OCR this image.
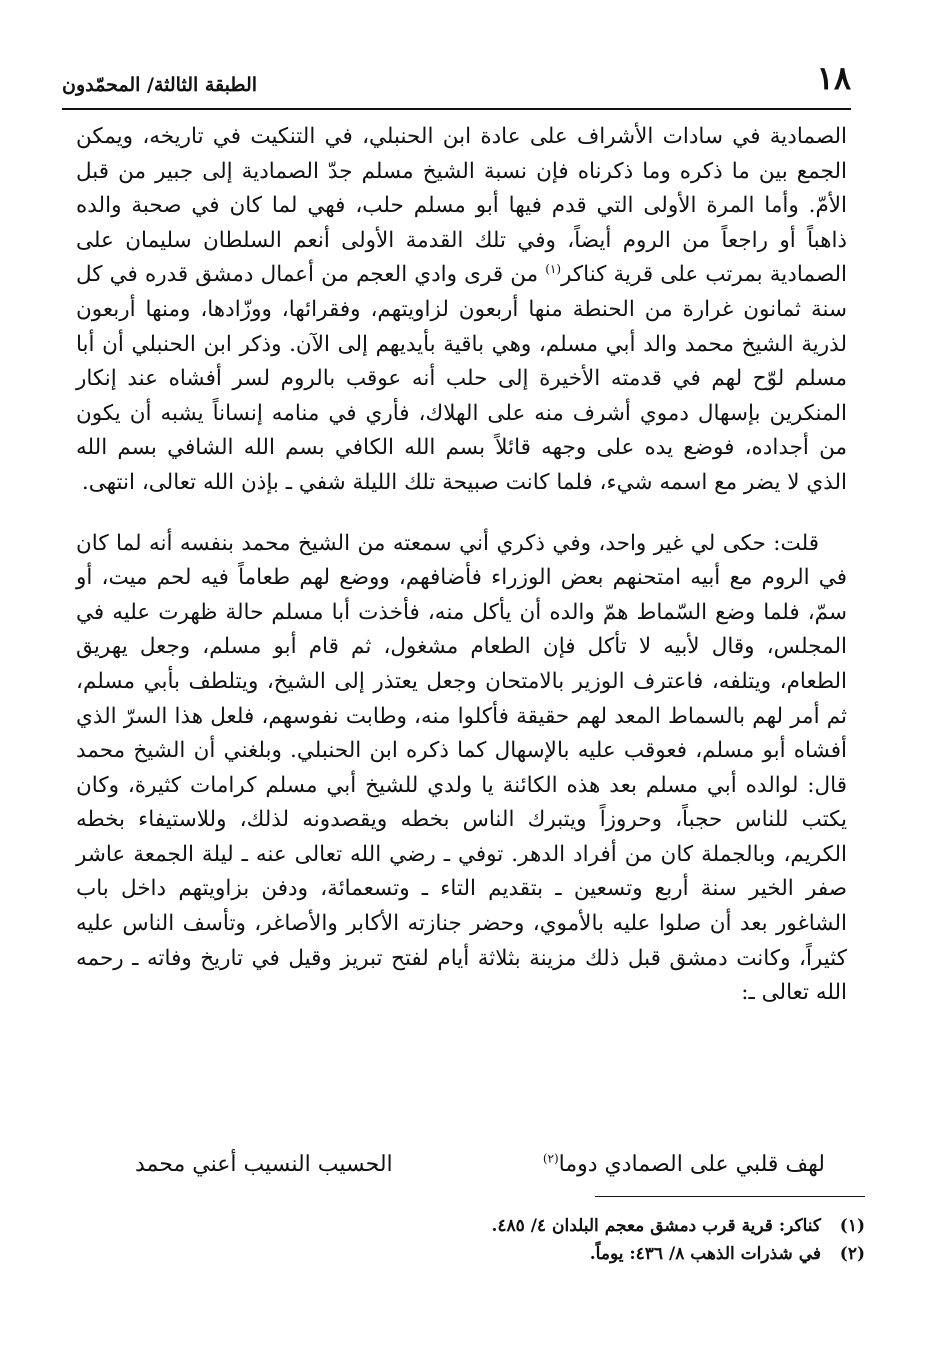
١٨
الطبقة الثالثة/ المحمّدون

الصمادية في سادات الأشراف على عادة ابن الحنبلي، في التنكيت في تاريخه، ويمكن الجمع بين ما ذكره وما ذكرناه فإن نسبة الشيخ مسلم جدّ الصمادية إلى جبير من قبل الأمّ. وأما المرة الأولى التي قدم فيها أبو مسلم حلب، فهي لما كان في صحبة والده ذاهباً أو راجعاً من الروم أيضاً، وفي تلك القدمة الأولى أنعم السلطان سليمان على الصمادية بمرتب على قرية كناكر$^{(١)}$ من قرى وادي العجم من أعمال دمشق قدره في كل سنة ثمانون غرارة من الحنطة منها أربعون لزاويتهم، وفقرائها، ووزّادها، ومنها أربعون لذرية الشيخ محمد والد أبي مسلم، وهي باقية بأيديهم إلى الآن. وذكر ابن الحنبلي أن أبا مسلم لوّح لهم في قدمته الأخيرة إلى حلب أنه عوقب بالروم لسر أفشاه عند إنكار المنكرين بإسهال دموي أشرف منه على الهلاك، فأري في منامه إنساناً يشبه أن يكون من أجداده، فوضع يده على وجهه قائلاً بسم الله الكافي بسم الله الشافي بسم الله الذي لا يضر مع اسمه شيء، فلما كانت صبيحة تلك الليلة شفي ـ بإذن الله تعالى، انتهى.

قلت: حكى لي غير واحد، وفي ذكري أني سمعته من الشيخ محمد بنفسه أنه لما كان في الروم مع أبيه امتحنهم بعض الوزراء فأضافهم، ووضع لهم طعاماً فيه لحم ميت، أو سمّ، فلما وضع السّماط همّ والده أن يأكل منه، فأخذت أبا مسلم حالة ظهرت عليه في المجلس، وقال لأبيه لا تأكل فإن الطعام مشغول، ثم قام أبو مسلم، وجعل يهريق الطعام، ويتلفه، فاعترف الوزير بالامتحان وجعل يعتذر إلى الشيخ، ويتلطف بأبي مسلم، ثم أمر لهم بالسماط المعد لهم حقيقة فأكلوا منه، وطابت نفوسهم، فلعل هذا السرّ الذي أفشاه أبو مسلم، فعوقب عليه بالإسهال كما ذكره ابن الحنبلي. وبلغني أن الشيخ محمد قال: لوالده أبي مسلم بعد هذه الكائنة يا ولدي للشيخ أبي مسلم كرامات كثيرة، وكان يكتب للناس حجباً، وحروزاً ويتبرك الناس بخطه ويقصدونه لذلك، وللاستيفاء بخطه الكريم، وبالجملة كان من أفراد الدهر. توفي ـ رضي الله تعالى عنه ـ ليلة الجمعة عاشر صفر الخير سنة أربع وتسعين ـ بتقديم التاء ـ وتسعمائة، ودفن بزاويتهم داخل باب الشاغور بعد أن صلوا عليه بالأموي، وحضر جنازته الأكابر والأصاغر، وتأسف الناس عليه كثيراً، وكانت دمشق قبل ذلك مزينة بثلاثة أيام لفتح تبريز وقيل في تاريخ وفاته ـ رحمه الله تعالى ـ:

لهف قلبي على الصمادي دوما$^{(٢)}$
الحسيب النسيب أعني محمد
(١)
كناكر: قرية قرب دمشق معجم البلدان ٤/ ٤٨٥.
(٢)
في شذرات الذهب ٨/ ٤٣٦: يوماً.
